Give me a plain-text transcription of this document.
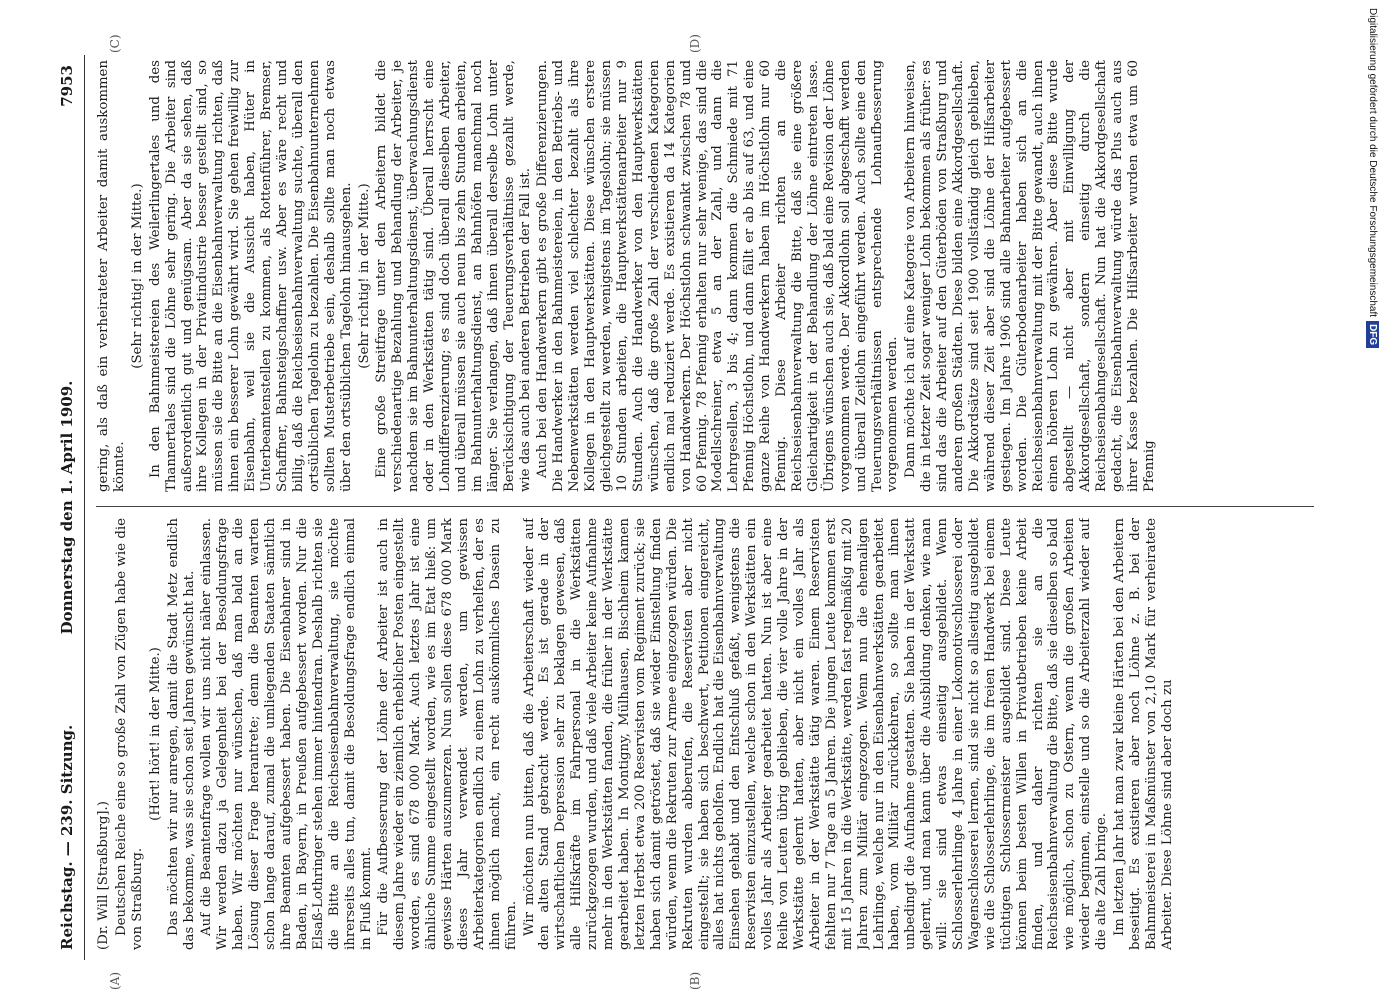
Reichstag. — 239. Sitzung.
Donnerstag den 1. April 1909.
7953
(A)	(B)
(C)	(D)

(Dr. Will [Straßburg].) Deutschen Reiche eine so große Zahl von Zügen habe wie die von Straßburg.

(Hört! hört! in der Mitte.) Das möchten wir nur anregen, damit die Stadt Metz endlich das bekomme, was sie schon seit Jahren gewünscht hat. Auf die Beamtenfrage wollen wir uns nicht näher einlassen. Wir werden dazu ja Gelegenheit bei der Besoldungsfrage haben. Wir möchten nur wünschen, daß man bald an die Lösung dieser Frage herantrete; denn die Beamten warten schon lange darauf, zumal die umliegenden Staaten sämtlich ihre Beamten aufgebessert haben. Die Eisenbahner sind in Baden, in Bayern, in Preußen aufgebessert worden. Nur die Elsaß-Lothringer stehen immer hintendran. Deshalb richten sie die Bitte an die Reichseisenbahnverwaltung, sie möchte ihrerseits alles tun, damit die Besoldungsfrage endlich einmal in Fluß kommt. Für die Aufbesserung der Löhne der Arbeiter ist auch in diesem Jahre wieder ein ziemlich erheblicher Posten eingestellt worden, es sind 678 000 Mark. Auch letztes Jahr ist eine ähnliche Summe eingestellt worden, wie es im Etat hieß: um gewisse Härten auszumerzen. Nun sollen diese 678 000 Mark dieses Jahr verwendet werden, um gewissen Arbeiterkategorien endlich zu einem Lohn zu verhelfen, der es ihnen möglich macht, ein recht auskömmliches Dasein zu führen. Wir möchten nun bitten, daß die Arbeiterschaft wieder auf den alten Stand gebracht werde. Es ist gerade in der wirtschaftlichen Depression sehr zu beklagen gewesen, daß alle Hilfskräfte im Fahrpersonal in die Werkstätten zurückgezogen wurden, und daß viele Arbeiter keine Aufnahme mehr in den Werkstätten fanden, die früher in der Werkstätte gearbeitet haben. In Montigny, Mülhausen, Bischheim kamen letzten Herbst etwa 200 Reservisten vom Regiment zurück; sie haben sich damit getröstet, daß sie wieder Einstellung finden würden, wenn die Rekruten zur Armee eingezogen würden. Die Rekruten wurden abberufen, die Reservisten aber nicht eingestellt; sie haben sich beschwert, Petitionen eingereicht, alles hat nichts geholfen. Endlich hat die Eisenbahnverwaltung Einsehen gehabt und den Entschluß gefaßt, wenigstens die Reservisten einzustellen, welche schon in den Werkstätten ein volles Jahr als Arbeiter gearbeitet hatten. Nun ist aber eine Reihe von Leuten übrig geblieben, die vier volle Jahre in der Werkstätte gelernt hatten, aber nicht ein volles Jahr als Arbeiter in der Werkstätte tätig waren. Einem Reservisten fehlten nur 7 Tage an 5 Jahren. Die jungen Leute kommen erst mit 15 Jahren in die Werkstätte, werden fast regelmäßig mit 20 Jahren zum Militär eingezogen. Wenn nun die ehemaligen Lehrlinge, welche nur in den Eisenbahnwerkstätten gearbeitet haben, vom Militär zurückkehren, so sollte man ihnen unbedingt die Aufnahme gestatten. Sie haben in der Werkstatt gelernt, und man kann über die Ausbildung denken, wie man will: sie sind etwas einseitig ausgebildet. Wenn Schlosserlehrlinge 4 Jahre in einer Lokomotivschlosserei oder Wagenschlosserei lernen, sind sie nicht so allseitig ausgebildet wie die Schlosserlehrlinge, die im freien Handwerk bei einem tüchtigen Schlossermeister ausgebildet sind. Diese Leute können beim besten Willen in Privatbetrieben keine Arbeit finden, und daher richten sie an die Reichseisenbahnverwaltung die Bitte, daß sie dieselben so bald wie möglich, schon zu Ostern, wenn die großen Arbeiten wieder beginnen, einstelle und so die Arbeiterzahl wieder auf die alte Zahl bringe. Im letzten Jahr hat man zwar kleine Härten bei den Arbeitern beseitigt. Es existieren aber noch Löhne z. B. bei der Bahnmeisterei in Maßmünster von 2,10 Mark für verheiratete Arbeiter. Diese Löhne sind aber doch zu

gering, als daß ein verheirateter Arbeiter damit auskommen könnte.

(Sehr richtig! in der Mitte.) In den Bahnmeistereien des Weilerlingertales und des Thannertales sind die Löhne sehr gering. Die Arbeiter sind außerordentlich gut und genügsam. Aber da sie sehen, daß ihre Kollegen in der Privatindustrie besser gestellt sind, so müssen sie die Bitte an die Eisenbahnverwaltung richten, daß ihnen ein besserer Lohn gewährt wird. Sie gehen freiwillig zur Eisenbahn, weil sie die Aussicht haben, Hüter in Unterbeamtenstellen zu kommen, als Rottenführer, Bremser, Schaffner, Bahnsteigschaffner usw. Aber es wäre recht und billig, daß die Reichseisenbahnverwaltung suchte, überall den ortsüblichen Tagelohn zu bezahlen. Die Eisenbahnunternehmen sollten Musterbetriebe sein, deshalb sollte man noch etwas über den ortsüblichen Tagelohn hinausgehen. (Sehr richtig! in der Mitte.) Eine große Streitfrage unter den Arbeitern bildet die verschiedenartige Bezahlung und Behandlung der Arbeiter, je nachdem sie im Bahnunterhaltungsdienst, überwachungsdienst oder in den Werkstätten tätig sind. Überall herrscht eine Lohndifferenzierung; es sind doch überall dieselben Arbeiter, und überall müssen sie auch neun bis zehn Stunden arbeiten, im Bahnunterhaltungsdienst, an Bahnhöfen manchmal noch länger. Sie verlangen, daß ihnen überall derselbe Lohn unter Berücksichtigung der Teuerungsverhältnisse gezahlt werde, wie das auch bei anderen Betrieben der Fall ist. Auch bei den Handwerkern gibt es große Differenzierungen. Die Handwerker in den Bahnmeistereien, in den Betriebs- und Nebenwerkstätten werden viel schlechter bezahlt als ihre Kollegen in den Hauptwerkstätten. Diese wünschen erstere gleichgestellt zu werden, wenigstens im Tageslohn; sie müssen 10 Stunden arbeiten, die Hauptwerkstättenarbeiter nur 9 Stunden. Auch die Handwerker von den Hauptwerkstätten wünschen, daß die große Zahl der verschiedenen Kategorien endlich mal reduziert werde. Es existieren da 14 Kategorien von Handwerkern. Der Höchstlohn schwankt zwischen 78 und 60 Pfennig. 78 Pfennig erhalten nur sehr wenige, das sind die Modellschreiner, etwa 5 an der Zahl, und dann die Lehrgesellen, 3 bis 4; dann kommen die Schmiede mit 71 Pfennig Höchstlohn, und dann fällt er ab bis auf 63, und eine ganze Reihe von Handwerkern haben im Höchstlohn nur 60 Pfennig. Diese Arbeiter richten an die Reichseisenbahnverwaltung die Bitte, daß sie eine größere Gleichartigkeit in der Behandlung der Löhne eintreten lasse. Übrigens wünschen auch sie, daß bald eine Revision der Löhne vorgenommen werde. Der Akkordlohn soll abgeschafft werden und überall Zeitlohn eingeführt werden. Auch sollte eine den Teuerungsverhältnissen entsprechende Lohnaufbesserung vorgenommen werden. Dann möchte ich auf eine Kategorie von Arbeitern hinweisen, die in letzter Zeit sogar weniger Lohn bekommen als früher: es sind das die Arbeiter auf den Güterböden von Straßburg und anderen großen Städten. Diese bilden eine Akkordgesellschaft. Die Akkordsätze sind seit 1900 vollständig gleich geblieben, während dieser Zeit aber sind die Löhne der Hilfsarbeiter gestiegen. Im Jahre 1906 sind alle Bahnarbeiter aufgebessert worden. Die Güterbodenarbeiter haben sich an die Reichseisenbahnverwaltung mit der Bitte gewandt, auch ihnen einen höheren Lohn zu gewähren. Aber diese Bitte wurde abgestellt — nicht aber mit Einwilligung der Akkordgesellschaft, sondern einseitig durch die Reichseisenbahngesellschaft. Nun hat die Akkordgesellschaft gedacht, die Eisenbahnverwaltung würde das Plus auch aus ihrer Kasse bezahlen. Die Hilfsarbeiter wurden etwa um 60 Pfennig

Digitalisierung gefördert durch die Deutsche Forschungsgemeinschaft
DFG
